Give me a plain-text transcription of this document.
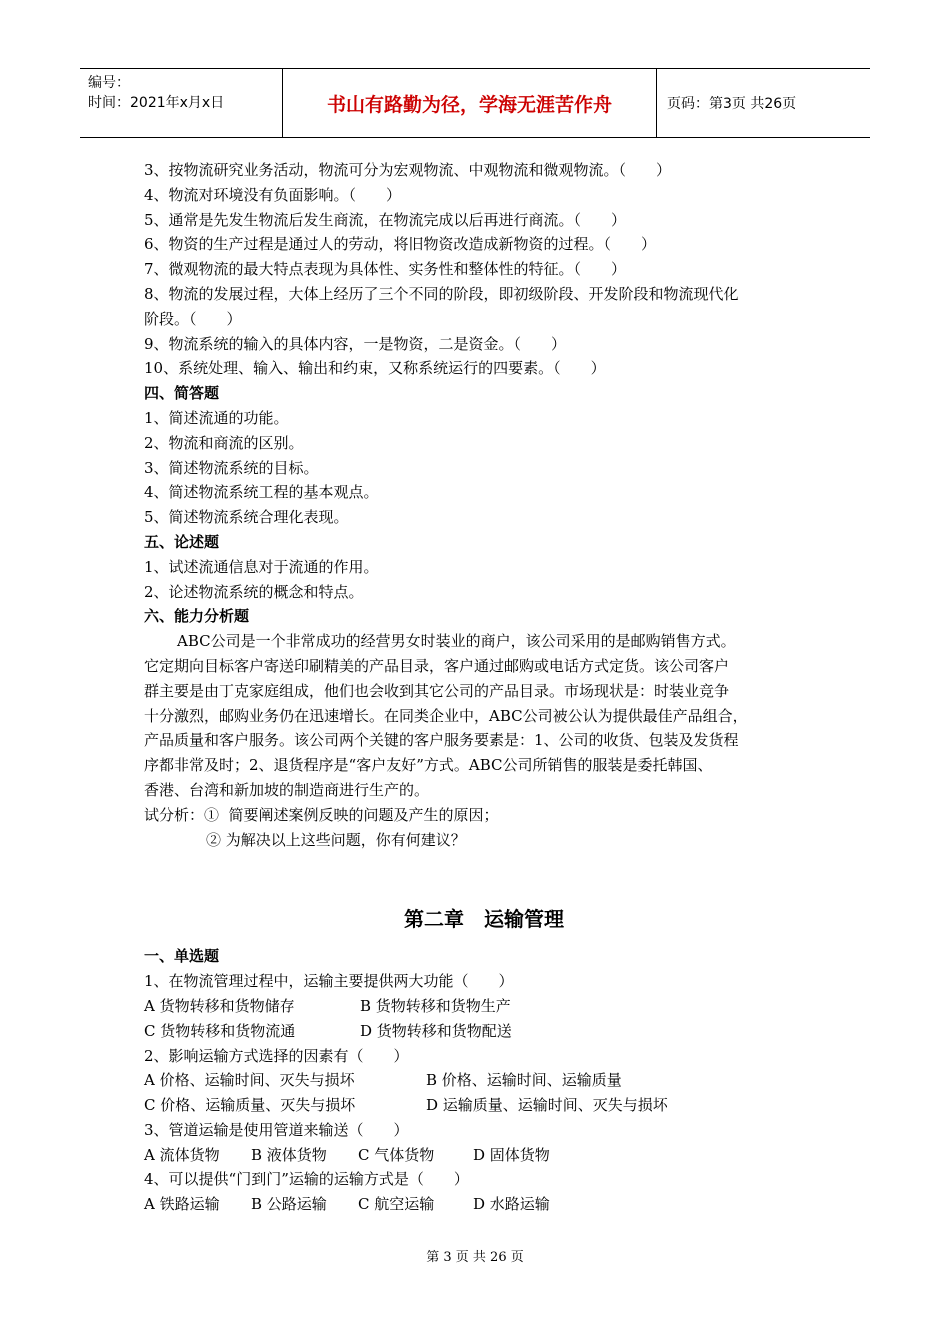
编号：
时间：2021年x月x日	书山有路勤为径，学海无涯苦作舟	页码：第3页 共26页

3、按物流研究业务活动，物流可分为宏观物流、中观物流和微观物流。（　　）

4、物流对环境没有负面影响。（　　）

5、通常是先发生物流后发生商流，在物流完成以后再进行商流。（　　）

6、物资的生产过程是通过人的劳动，将旧物资改造成新物资的过程。（　　）

7、微观物流的最大特点表现为具体性、实务性和整体性的特征。（　　）

8、物流的发展过程，大体上经历了三个不同的阶段，即初级阶段、开发阶段和物流现代化

阶段。（　　）

9、物流系统的输入的具体内容，一是物资，二是资金。（　　）

10、系统处理、输入、输出和约束，又称系统运行的四要素。（　　）

四、简答题

1、简述流通的功能。

2、物流和商流的区别。

3、简述物流系统的目标。

4、简述物流系统工程的基本观点。

5、简述物流系统合理化表现。

五、论述题

1、试述流通信息对于流通的作用。

2、论述物流系统的概念和特点。

六、能力分析题

ABC公司是一个非常成功的经营男女时装业的商户，该公司采用的是邮购销售方式。

它定期向目标客户寄送印刷精美的产品目录，客户通过邮购或电话方式定货。该公司客户

群主要是由丁克家庭组成，他们也会收到其它公司的产品目录。市场现状是：时装业竞争

十分激烈，邮购业务仍在迅速增长。在同类企业中，ABC公司被公认为提供最佳产品组合，

产品质量和客户服务。该公司两个关键的客户服务要素是：1、公司的收货、包装及发货程

序都非常及时；2、退货程序是“客户友好”方式。ABC公司所销售的服装是委托韩国、

香港、台湾和新加坡的制造商进行生产的。

试分析：①  简要阐述案例反映的问题及产生的原因；

② 为解决以上这些问题，你有何建议？

第二章　运输管理

一、单选题

1、在物流管理过程中，运输主要提供两大功能（　　）

A 货物转移和货物储存	B 货物转移和货物生产
C 货物转移和货物流通	D 货物转移和货物配送

2、影响运输方式选择的因素有（　　）

A 价格、运输时间、灭失与损坏	B 价格、运输时间、运输质量
C 价格、运输质量、灭失与损坏	D 运输质量、运输时间、灭失与损坏

3、管道运输是使用管道来输送（　　）

A 流体货物	B 液体货物	C 气体货物	D 固体货物

4、可以提供“门到门”运输的运输方式是（　　）

A 铁路运输	B 公路运输	C 航空运输	D 水路运输
第 3 页 共 26 页
